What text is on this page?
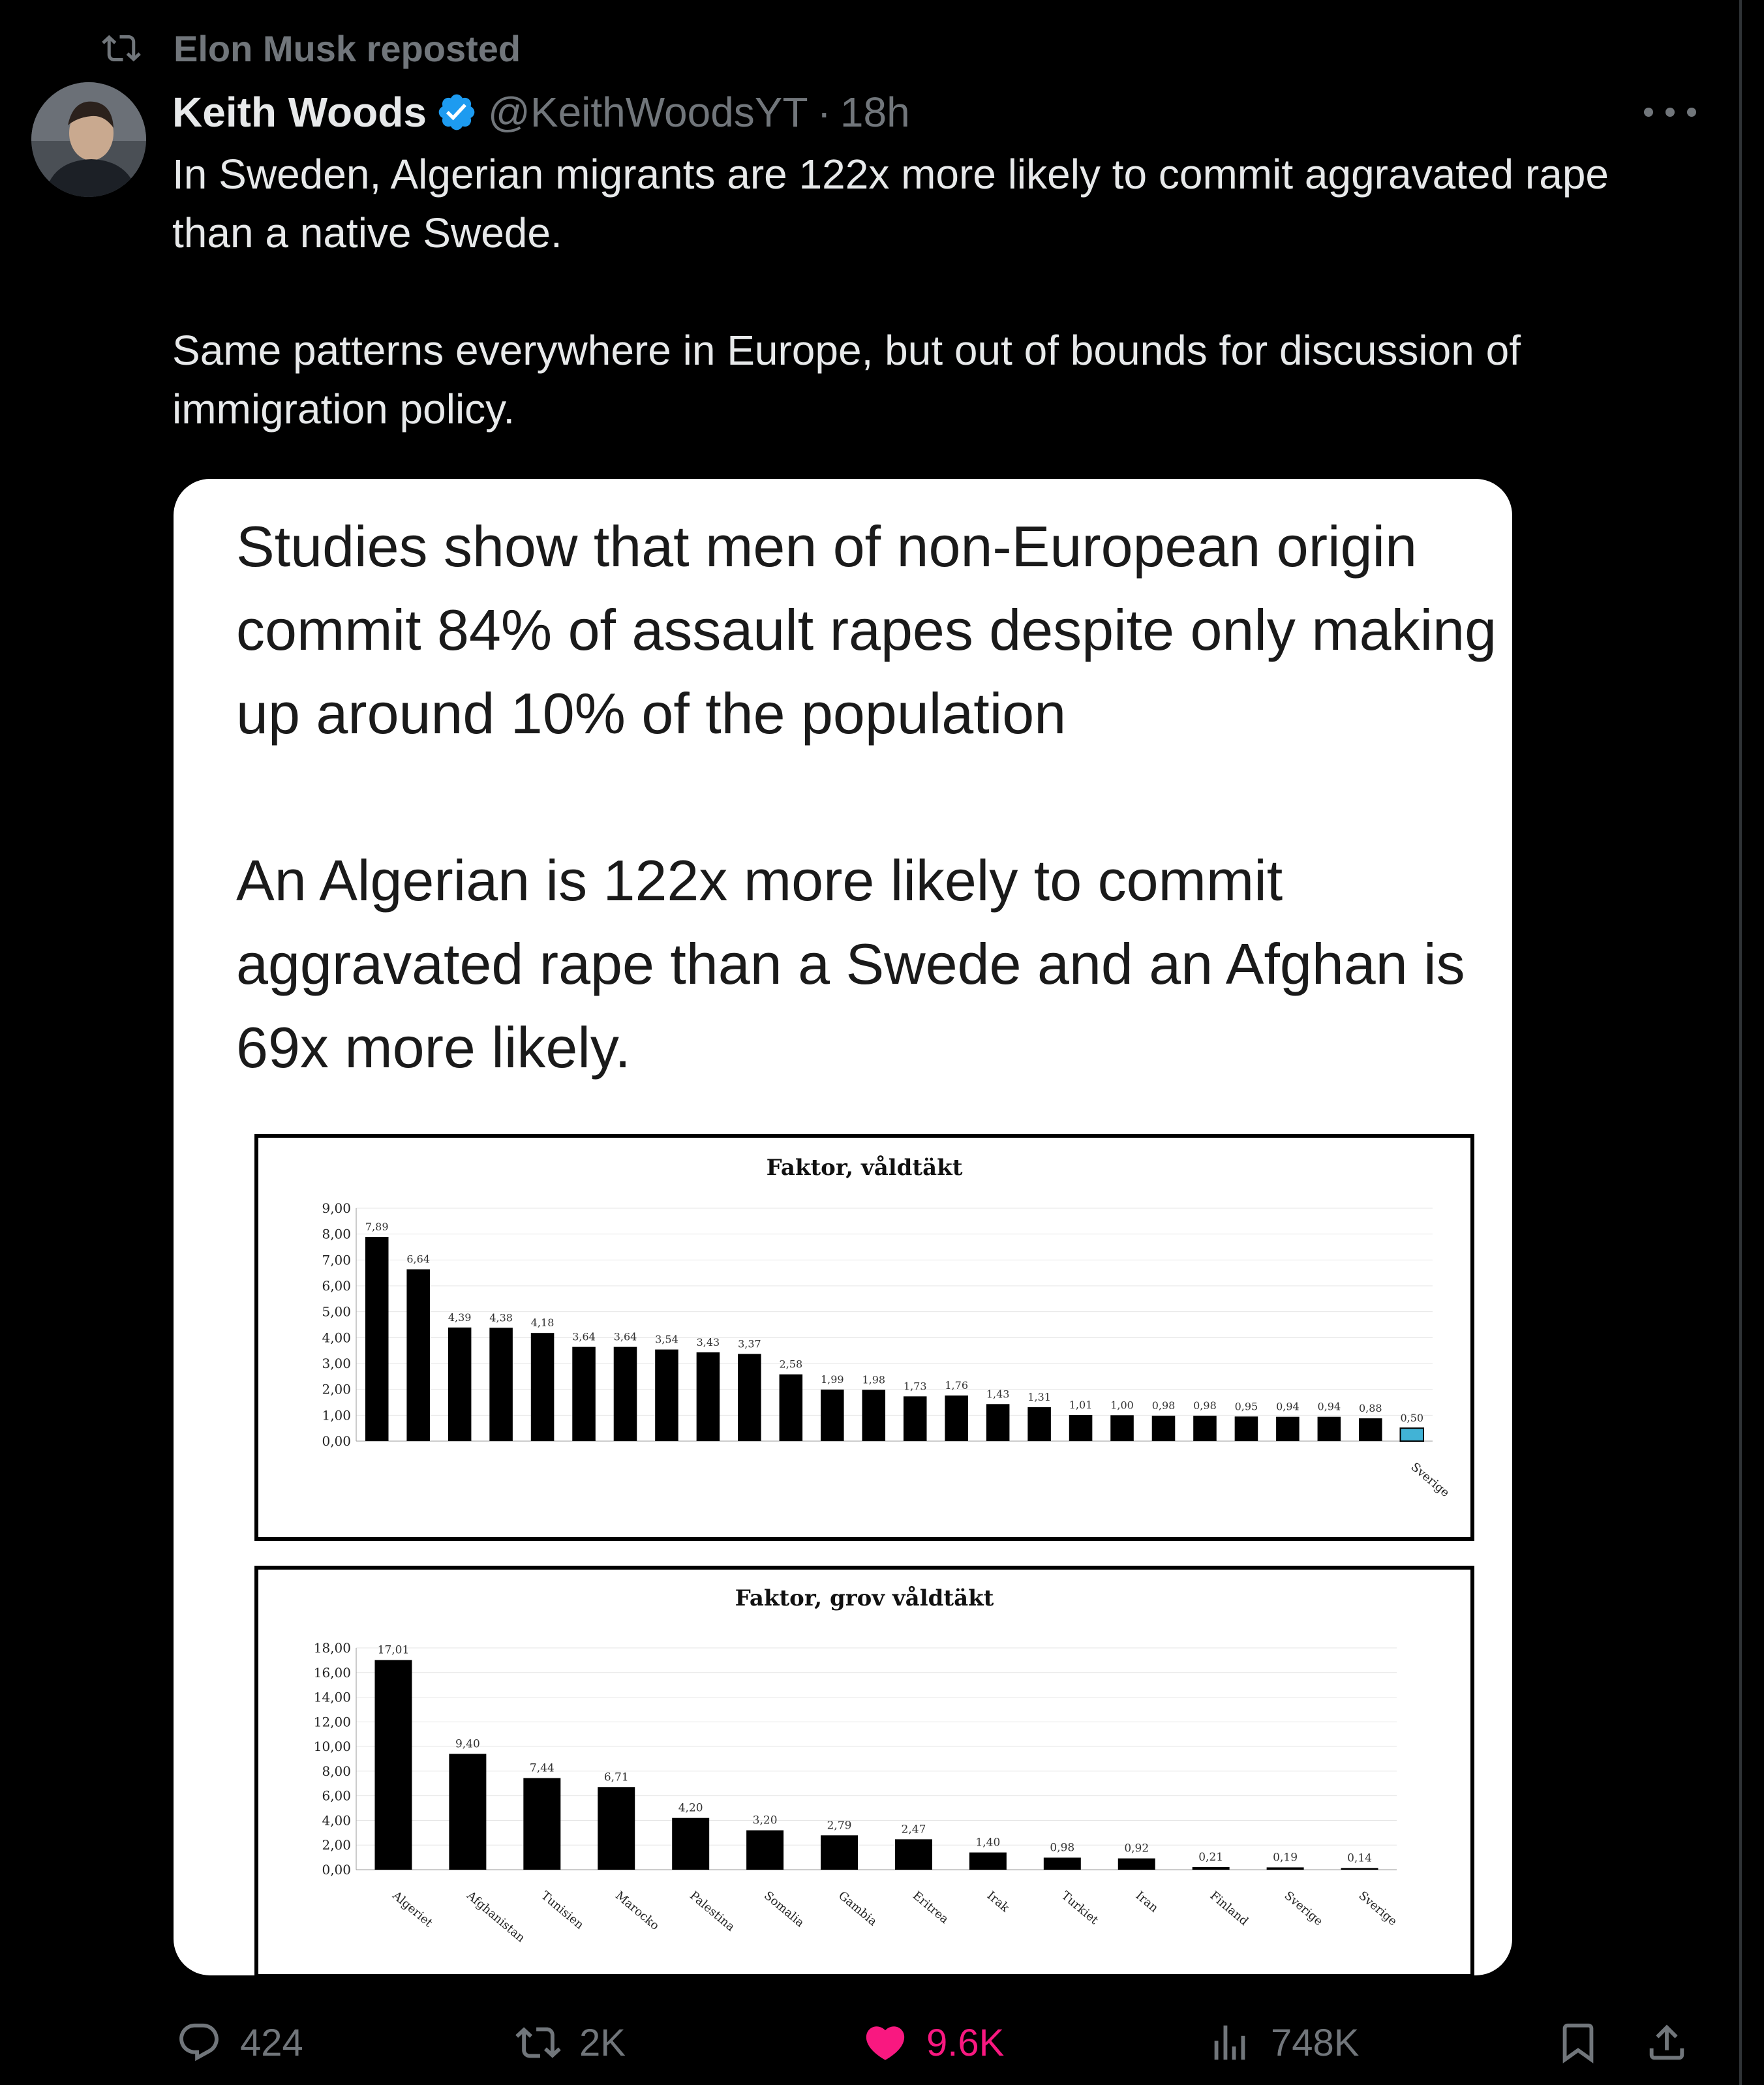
Elon Musk reposted
Keith Woods @KeithWoodsYT · 18h

In Sweden, Algerian migrants are 122x more likely to commit aggravated rape than a native Swede.

Same patterns everywhere in Europe, but out of bounds for discussion of immigration policy.

Studies show that men of non-European origin commit 84% of assault rapes despite only making up around 10% of the population

An Algerian is 122x more likely to commit aggravated rape than a Swede and an Afghan is 69x more likely.

Faktor, våldtäkt
9,00
8,00
7,00
6,00
5,00
4,00
3,00
2,00
1,00
0,00
7,89
6,64
4,39 4,38 4,18
3,64 3,64 3,54 3,43 3,37
2,58
1,99 1,98
1,73 1,76
1,43 1,31
1,01 1,00 0,98 0,98 0,95 0,94 0,94 0,88
0,50
Sverige
Faktor, grov våldtäkt
18,00
16,00
14,00
12,00
10,00
8,00
6,00
4,00
2,00
0,00
17,01
Algeriet
9,40
Afghanistan
7,44
Tunisien
6,71
Marocko
4,20
Palestina
3,20
Somalia
2,79
Gambia
2,47
Eritrea
1,40
Irak
0,98
Turkiet
0,92
Iran
0,21
Finland
0,19
Sverige
0,14
Sverige
424	2K	9.6K	748K
